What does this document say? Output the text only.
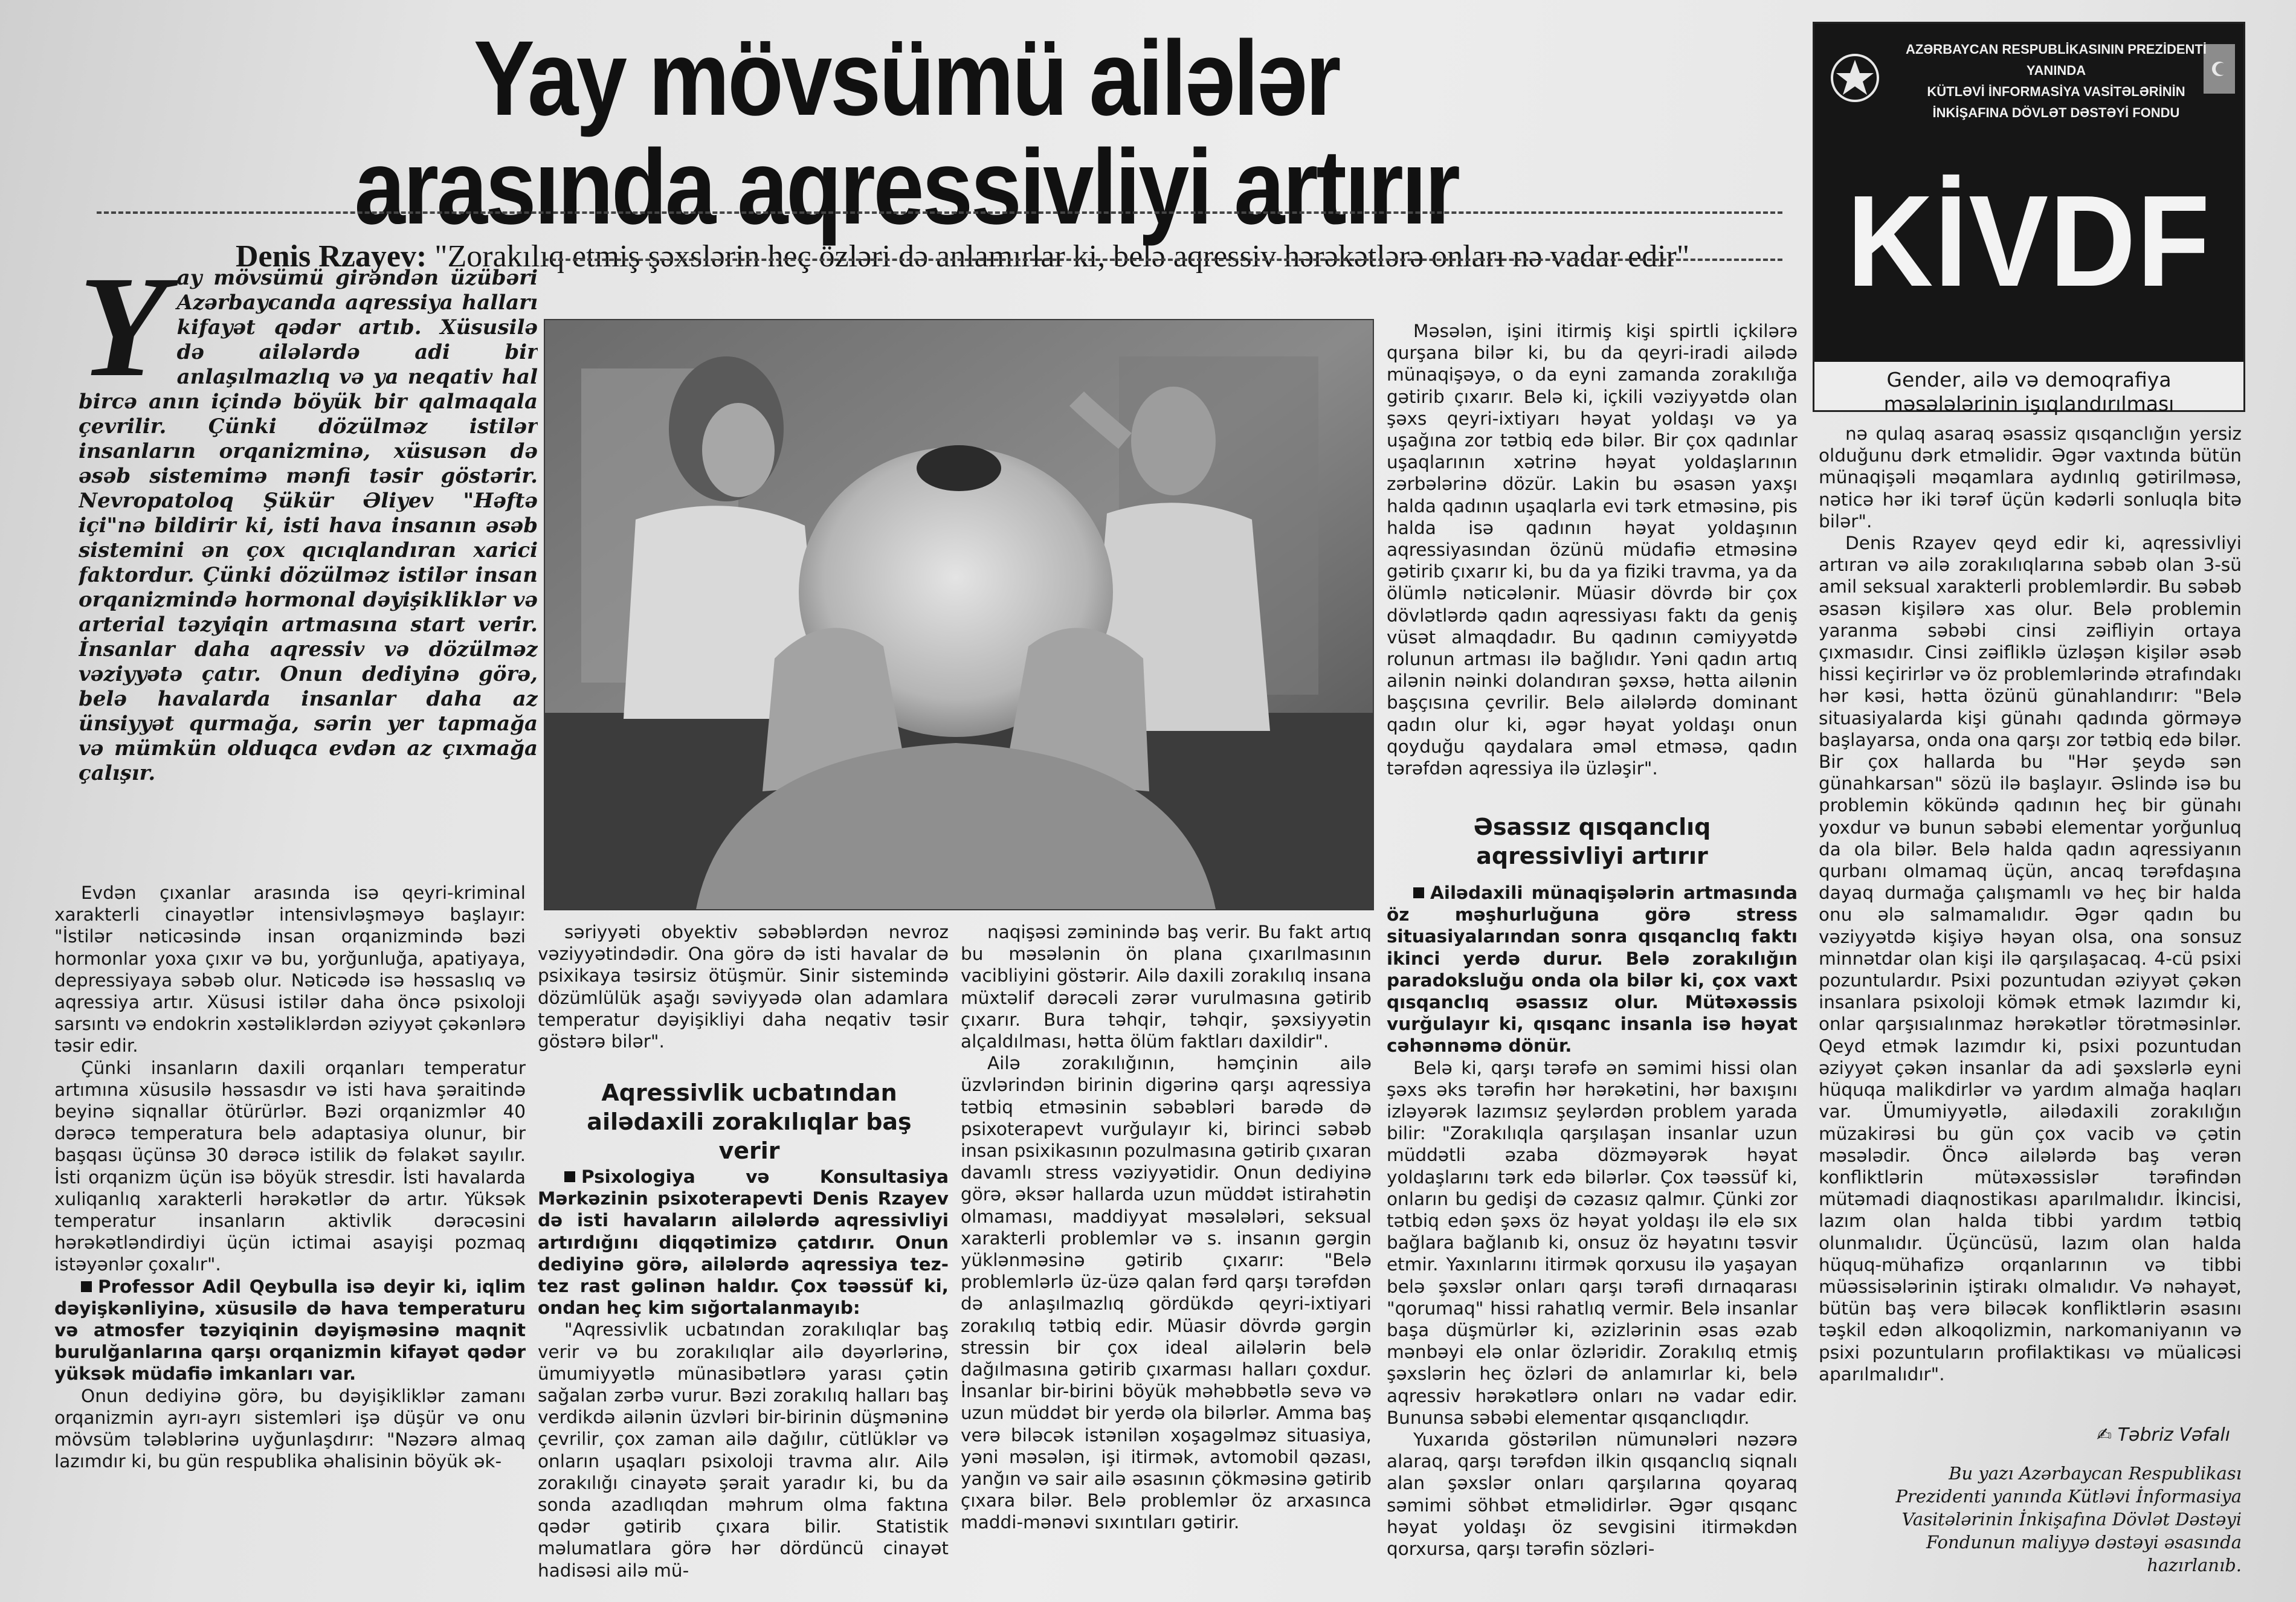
Yay mövsümü ailələr
arasında aqressivliyi artırır

Denis Rzayev: "Zorakılıq etmiş şəxslərin heç özləri də anlamırlar ki, belə aqressiv hərəkətlərə onları nə vadar edir"

Y ay mövsümü girəndən üzübəri Azərbaycanda aqressiya halları kifayət qədər artıb. Xüsusilə də ailələrdə adi bir anlaşılmazlıq və ya neqativ hal bircə anın içində böyük bir qalmaqala çevrilir. Çünki dözülməz istilər insanların orqanizminə, xüsusən də əsəb sistemimə mənfi təsir göstərir. Nevropatoloq Şükür Əliyev "Həftə içi"nə bildirir ki, isti hava insanın əsəb sistemini ən çox qıcıqlandıran xarici faktordur. Çünki dözülməz istilər insan orqanizmində hormonal dəyişikliklər və arterial təzyiqin artmasına start verir. İnsanlar daha aqressiv və dözülməz vəziyyətə çatır. Onun dediyinə görə, belə havalarda insanlar daha az ünsiyyət qurmağa, sərin yer tapmağa və mümkün olduqca evdən az çıxmağa çalışır.

Evdən çıxanlar arasında isə qeyri-kriminal xarakterli cinayətlər intensivləşməyə başlayır: "İstilər nəticəsində insan orqanizmində bəzi hormonlar yoxa çıxır və bu, yorğunluğa, apatiyaya, depressiyaya səbəb olur. Nəticədə isə həssaslıq və aqressiya artır. Xüsusi istilər daha öncə psixoloji sarsıntı və endokrin xəstəliklərdən əziyyət çəkənlərə təsir edir.

Çünki insanların daxili orqanları temperatur artımına xüsusilə həssasdır və isti hava şəraitində beyinə siqnallar ötürürlər. Bəzi orqanizmlər 40 dərəcə temperatura belə adaptasiya olunur, bir başqası üçünsə 30 dərəcə istilik də fəlakət sayılır. İsti orqanizm üçün isə böyük stresdir. İsti havalarda xuliqanlıq xarakterli hərəkətlər də artır. Yüksək temperatur insanların aktivlik dərəcəsini hərəkətləndirdiyi üçün ictimai asayişi pozmaq istəyənlər çoxalır".

Professor Adil Qeybulla isə deyir ki, iqlim dəyişkənliyinə, xüsusilə də hava temperaturu və atmosfer təzyiqinin dəyişməsinə maqnit burulğanlarına qarşı orqanizmin kifayət qədər yüksək müdafiə imkanları var.

Onun dediyinə görə, bu dəyişikliklər zamanı orqanizmin ayrı-ayrı sistemləri işə düşür və onu mövsüm tələblərinə uyğunlaşdırır: "Nəzərə almaq lazımdır ki, bu gün respublika əhalisinin böyük ək-

səriyyəti obyektiv səbəblərdən nevroz vəziyyətindədir. Ona görə də isti havalar də psixikaya təsirsiz ötüşmür. Sinir sistemində dözümlülük aşağı səviyyədə olan adamlara temperatur dəyişikliyi daha neqativ təsir göstərə bilər".

Aqressivlik ucbatından ailədaxili zorakılıqlar baş verir

Psixologiya və Konsultasiya Mərkəzinin psixoterapevti Denis Rzayev də isti havaların ailələrdə aqressivliyi artırdığını diqqətimizə çatdırır. Onun dediyinə görə, ailələrdə aqressiya tez-tez rast gəlinən haldır. Çox təəssüf ki, ondan heç kim sığortalanmayıb:

"Aqressivlik ucbatından zorakılıqlar baş verir və bu zorakılıqlar ailə dəyərlərinə, ümumiyyətlə münasibətlərə yarası çətin sağalan zərbə vurur. Bəzi zorakılıq halları baş verdikdə ailənin üzvləri bir-birinin düşməninə çevrilir, çox zaman ailə dağılır, cütlüklər və onların uşaqları psixoloji travma alır. Ailə zorakılığı cinayətə şərait yaradır ki, bu da sonda azadlıqdan məhrum olma faktına qədər gətirib çıxara bilir. Statistik məlumatlara görə hər dördüncü cinayət hadisəsi ailə mü-

naqişəsi zəminində baş verir. Bu fakt artıq bu məsələnin ön plana çıxarılmasının vacibliyini göstərir. Ailə daxili zorakılıq insana müxtəlif dərəcəli zərər vurulmasına gətirib çıxarır. Bura təhqir, təhqir, şəxsiyyətin alçaldılması, hətta ölüm faktları daxildir".

Ailə zorakılığının, həmçinin ailə üzvlərindən birinin digərinə qarşı aqressiya tətbiq etməsinin səbəbləri barədə də psixoterapevt vurğulayır ki, birinci səbəb insan psixikasının pozulmasına gətirib çıxaran davamlı stress vəziyyətidir. Onun dediyinə görə, əksər hallarda uzun müddət istirahətin olmaması, maddiyyat məsələləri, seksual xarakterli problemlər və s. insanın gərgin yüklənməsinə gətirib çıxarır: "Belə problemlərlə üz-üzə qalan fərd qarşı tərəfdən də anlaşılmazlıq gördükdə qeyri-iхtiyari zorakılıq tətbiq edir. Müasir dövrdə gərgin stressin bir çox ideal ailələrin belə dağılmasına gətirib çıxarması halları çoxdur. İnsanlar bir-birini böyük məhəbbətlə sevə və uzun müddət bir yerdə ola bilərlər. Amma baş verə biləcək istənilən xoşagəlməz situasiya, yəni məsələn, işi itirmək, avtomobil qəzası, yanğın və sair ailə əsasının çökməsinə gətirib çıxara bilər. Belə problemlər öz arxasınca maddi-mənəvi sıxıntıları gətirir.

Məsələn, işini itirmiş kişi spirtli içkilərə qurşana bilər ki, bu da qeyri-iradi ailədə münaqişəyə, o da eyni zamanda zorakılığa gətirib çıxarır. Belə ki, içkili vəziyyətdə olan şəxs qeyri-iхtiyarı həyat yoldaşı və ya uşağına zor tətbiq edə bilər. Bir çox qadınlar uşaqlarının xətrinə həyat yoldaşlarının zərbələrinə dözür. Lakin bu əsasən yaxşı halda qadının uşaqlarla evi tərk etməsinə, pis halda isə qadının həyat yoldaşının aqressiyasından özünü müdafiə etməsinə gətirib çıxarır ki, bu da ya fiziki travma, ya da ölümlə nəticələnir. Müasir dövrdə bir çox dövlətlərdə qadın aqressiyası faktı da geniş vüsət almaqdadır. Bu qadının cəmiyyətdə rolunun artması ilə bağlıdır. Yəni qadın artıq ailənin nəinki dolandıran şəxsə, hətta ailənin başçısına çevrilir. Belə ailələrdə dominant qadın olur ki, əgər həyat yoldaşı onun qoyduğu qaydalara əməl etməsə, qadın tərəfdən aqressiya ilə üzləşir".

Əsassız qısqanclıq aqressivliyi artırır

Ailədaxili münaqişələrin artmasında öz məşhurluğuna görə stress situasiyalarından sonra qısqanclıq faktı ikinci yerdə durur. Belə zorakılığın paradoksluğu onda ola bilər ki, çox vaxt qısqanclıq əsassız olur. Mütəxəssis vurğulayır ki, qısqanc insanla isə həyat cəhənnəmə dönür.

Belə ki, qarşı tərəfə ən səmimi hissi olan şəxs əks tərəfin hər hərəkətini, hər baxışını izləyərək lazımsız şeylərdən problem yarada bilir: "Zorakılıqla qarşılaşan insanlar uzun müddətli əzaba dözməyərək həyat yoldaşlarını tərk edə bilərlər. Çox təəssüf ki, onların bu gedişi də cəzasız qalmır. Çünki zor tətbiq edən şəxs öz həyat yoldaşı ilə elə sıx bağlara bağlanıb ki, onsuz öz həyatını təsvir etmir. Yaxınlarını itirmək qorxusu ilə yaşayan belə şəxslər onları qarşı tərəfi dırnaqarası "qorumaq" hissi rahatlıq vermir. Belə insanlar başa düşmürlər ki, əzizlərinin əsas əzab mənbəyi elə onlar özləridir. Zorakılıq etmiş şəxslərin heç özləri də anlamırlar ki, belə aqressiv hərəkətlərə onları nə vadar edir. Bununsa səbəbi elementar qısqanclıqdır.

Yuxarıda göstərilən nümunələri nəzərə alaraq, qarşı tərəfdən ilkin qısqanclıq siqnalı alan şəxslər onları qarşılarına qoyaraq səmimi söhbət etməlidirlər. Əgər qısqanc həyat yoldaşı öz sevgisini itirməkdən qorxursa, qarşı tərəfin sözləri-

nə qulaq asaraq əsassiz qısqanclığın yersiz olduğunu dərk etməlidir. Əgər vaxtında bütün münaqişəli məqamlara aydınlıq gətirilməsə, nəticə hər iki tərəf üçün kədərli sonluqla bitə bilər".

Denis Rzayev qeyd edir ki, aqressivliyi artıran və ailə zorakılıqlarına səbəb olan 3-sü amil seksual xarakterli problemlərdir. Bu səbəb əsasən kişilərə xas olur. Belə problemin yaranma səbəbi cinsi zəifliyin ortaya çıxmasıdır. Cinsi zəifliklə üzləşən kişilər əsəb hissi keçirirlər və öz problemlərində ətrafındakı hər kəsi, hətta özünü günahlandırır: "Belə situasiyalarda kişi günahı qadında görməyə başlayarsa, onda ona qarşı zor tətbiq edə bilər. Bir çox hallarda bu "Hər şeydə sən günahkarsan" sözü ilə başlayır. Əslində isə bu problemin kökündə qadının heç bir günahı yoxdur və bunun səbəbi elementar yorğunluq da ola bilər. Belə halda qadın aqressiyanın qurbanı olmamaq üçün, ancaq tərəfdaşına dayaq durmağa çalışmamlı və heç bir halda onu ələ salmamalıdır. Əgər qadın bu vəziyyətdə kişiyə həyan olsa, ona sonsuz minnətdar olan kişi ilə qarşılaşacaq. 4-cü psixi pozuntulardır. Psixi pozuntudan əziyyət çəkən insanlara psixoloji kömək etmək lazımdır ki, onlar qarşısıalınmaz hərəkətlər törətməsinlər. Qeyd etmək lazımdır ki, psixi pozuntudan əziyyət çəkən insanlar da adi şəxslərlə eyni hüquqa malikdirlər və yardım almağa haqları var. Ümumiyyətlə, ailədaxili zorakılığın müzakirəsi bu gün çox vacib və çətin məsələdir. Öncə ailələrdə baş verən konfliktlərin mütəxəssislər tərəfindən mütəmadi diaqnostikası aparılmalıdır. İkincisi, lazım olan halda tibbi yardım tətbiq olunmalıdır. Üçüncüsü, lazım olan halda hüquq-mühafizə orqanlarının və tibbi müəssisələrinin iştirakı olmalıdır. Və nəhayət, bütün baş verə biləcək konfliktlərin əsasını təşkil edən alkoqolizmin, narkomaniyanın və psixi pozuntuların profilaktikası və müalicəsi aparılmalıdır".

AZƏRBAYCAN RESPUBLİKASININ PREZİDENTİ YANINDA
KÜTLƏVİ İNFORMASİYA VASİTƏLƏRİNİN
İNKİŞAFINA DÖVLƏT DƏSTƏYİ FONDU

KİVDF

Gender, ailə və demoqrafiya məsələlərinin işıqlandırılması

✍ Təbriz Vəfalı

Bu yazı Azərbaycan Respublikası Prezidenti yanında Kütləvi İnformasiya Vasitələrinin İnkişafına Dövlət Dəstəyi Fondunun maliyyə dəstəyi əsasında hazırlanıb.
